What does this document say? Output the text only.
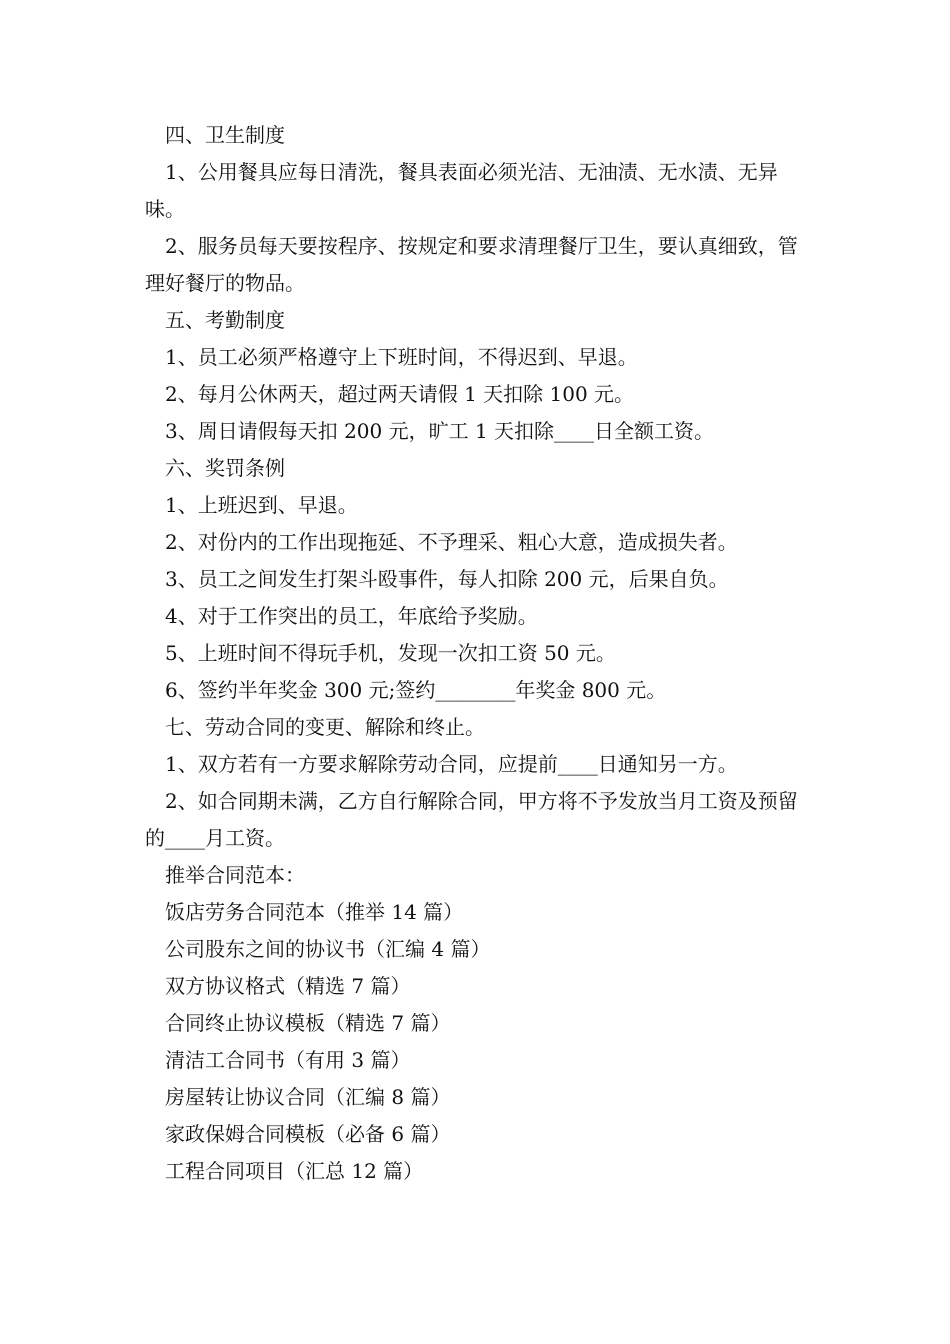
四、卫生制度

1、公用餐具应每日清洗，餐具表面必须光洁、无油渍、无水渍、无异味。

2、服务员每天要按程序、按规定和要求清理餐厅卫生，要认真细致，管理好餐厅的物品。

五、考勤制度

1、员工必须严格遵守上下班时间，不得迟到、早退。

2、每月公休两天，超过两天请假 1 天扣除 100 元。

3、周日请假每天扣 200 元，旷工 1 天扣除____日全额工资。

六、奖罚条例

1、上班迟到、早退。

2、对份内的工作出现拖延、不予理采、粗心大意，造成损失者。

3、员工之间发生打架斗殴事件，每人扣除 200 元，后果自负。

4、对于工作突出的员工，年底给予奖励。

5、上班时间不得玩手机，发现一次扣工资 50 元。

6、签约半年奖金 300 元;签约________年奖金 800 元。

七、劳动合同的变更、解除和终止。

1、双方若有一方要求解除劳动合同，应提前____日通知另一方。

2、如合同期未满，乙方自行解除合同，甲方将不予发放当月工资及预留的____月工资。

推举合同范本：

饭店劳务合同范本（推举 14 篇）

公司股东之间的协议书（汇编 4 篇）

双方协议格式（精选 7 篇）

合同终止协议模板（精选 7 篇）

清洁工合同书（有用 3 篇）

房屋转让协议合同（汇编 8 篇）

家政保姆合同模板（必备 6 篇）

工程合同项目（汇总 12 篇）
